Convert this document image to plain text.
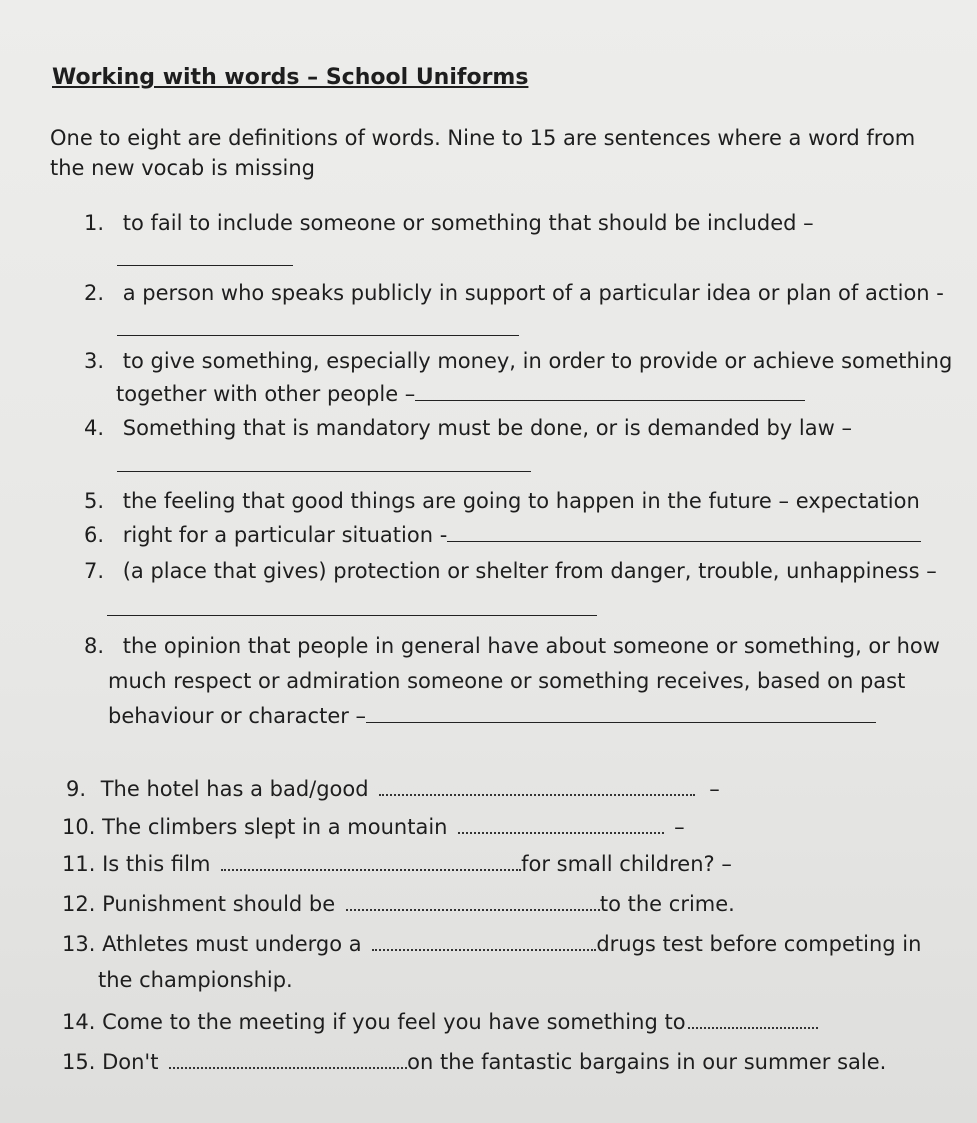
Working with words – School Uniforms
One to eight are definitions of words. Nine to 15 are sentences where a word from
the new vocab is missing
1. to fail to include someone or something that should be included –
2. a person who speaks publicly in support of a particular idea or plan of action -
3. to give something, especially money, in order to provide or achieve something
together with other people –
4. Something that is mandatory must be done, or is demanded by law –
5. the feeling that good things are going to happen in the future – expectation
6. right for a particular situation -
7. (a place that gives) protection or shelter from danger, trouble, unhappiness –
8. the opinion that people in general have about someone or something, or how
much respect or admiration someone or something receives, based on past
behaviour or character –
9. The hotel has a bad/good	–
10. The climbers slept in a mountain	–
11. Is this film	for small children? –
12. Punishment should be	to the crime.
13. Athletes must undergo a	drugs test before competing in
the championship.
14. Come to the meeting if you feel you have something to
15. Don't	on the fantastic bargains in our summer sale.
